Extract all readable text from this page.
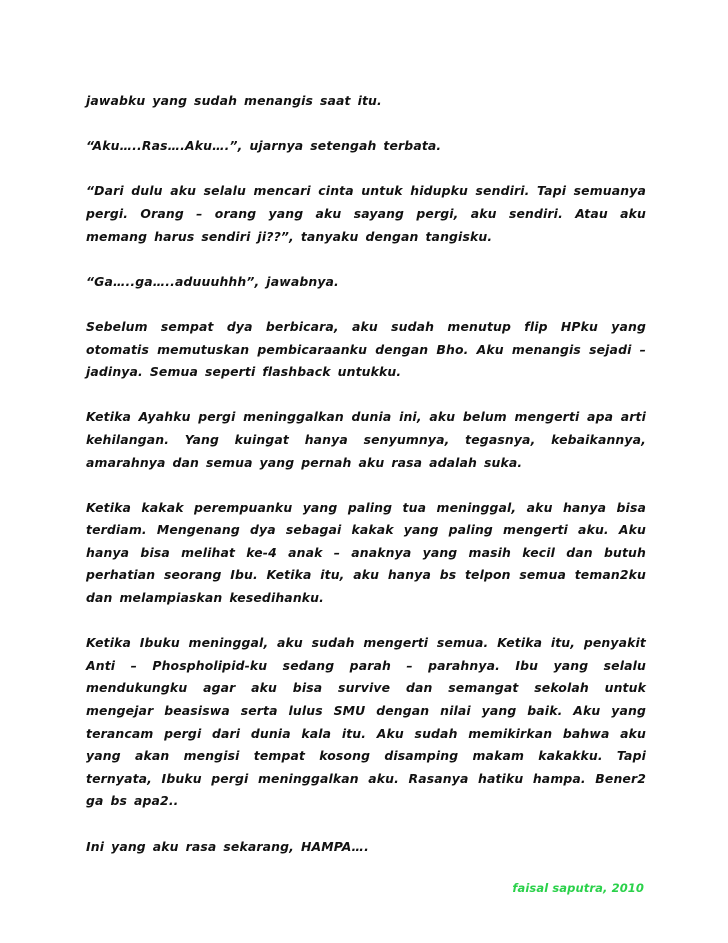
jawabku yang sudah menangis saat itu.

“Aku…..Ras….Aku….”, ujarnya setengah terbata.

“Dari dulu aku selalu mencari cinta untuk hidupku sendiri. Tapi semuanya pergi. Orang – orang yang aku sayang pergi, aku sendiri. Atau aku memang harus sendiri ji??”, tanyaku dengan tangisku.

“Ga…..ga…..aduuuhhh”, jawabnya.

Sebelum sempat dya berbicara, aku sudah menutup flip HPku yang otomatis memutuskan pembicaraanku dengan Bho. Aku menangis sejadi – jadinya. Semua seperti flashback untukku.

Ketika Ayahku pergi meninggalkan dunia ini, aku belum mengerti apa arti kehilangan. Yang kuingat hanya senyumnya, tegasnya, kebaikannya, amarahnya dan semua yang pernah aku rasa adalah suka.

Ketika kakak perempuanku yang paling tua meninggal, aku hanya bisa terdiam. Mengenang dya sebagai kakak yang paling mengerti aku. Aku hanya bisa melihat ke-4 anak – anaknya yang masih kecil dan butuh perhatian seorang Ibu. Ketika itu, aku hanya bs telpon semua teman2ku dan melampiaskan kesedihanku.

Ketika Ibuku meninggal, aku sudah mengerti semua. Ketika itu, penyakit Anti – Phospholipid-ku sedang parah – parahnya. Ibu yang selalu mendukungku agar aku bisa survive dan semangat sekolah untuk mengejar beasiswa serta lulus SMU dengan nilai yang baik. Aku yang terancam pergi dari dunia kala itu. Aku sudah memikirkan bahwa aku yang akan mengisi tempat kosong disamping makam kakakku. Tapi ternyata, Ibuku pergi meninggalkan aku. Rasanya hatiku hampa. Bener2 ga bs apa2..

Ini yang aku rasa sekarang, HAMPA….

faisal saputra, 2010
